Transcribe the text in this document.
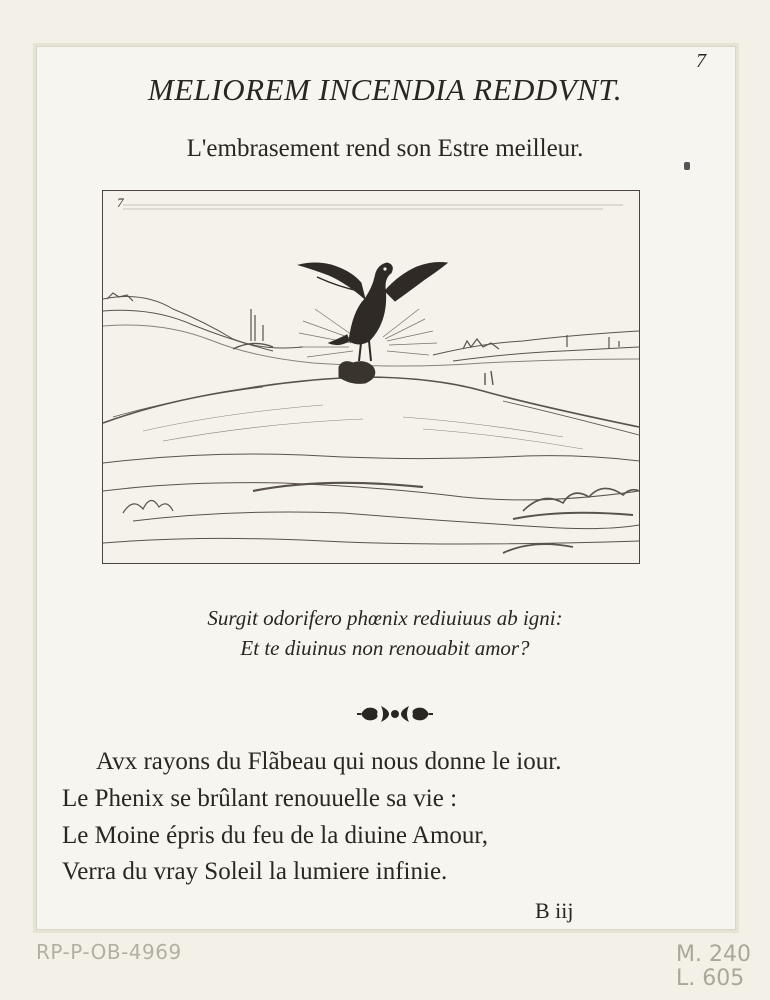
7
MELIOREM INCENDIA REDDVNT.
L'embrasement rend son Estre meilleur.
7
Surgit odorifero phœnix rediuiuus ab igni:
Et te diuinus non renouabit amor?
Avx rayons du Flãbeau qui nous donne le iour.
Le Phenix se brûlant renouuelle sa vie :
Le Moine épris du feu de la diuine Amour,
Verra du vray Soleil la lumiere infinie.
B iij
RP-P-OB-4969	M. 240
L. 605
